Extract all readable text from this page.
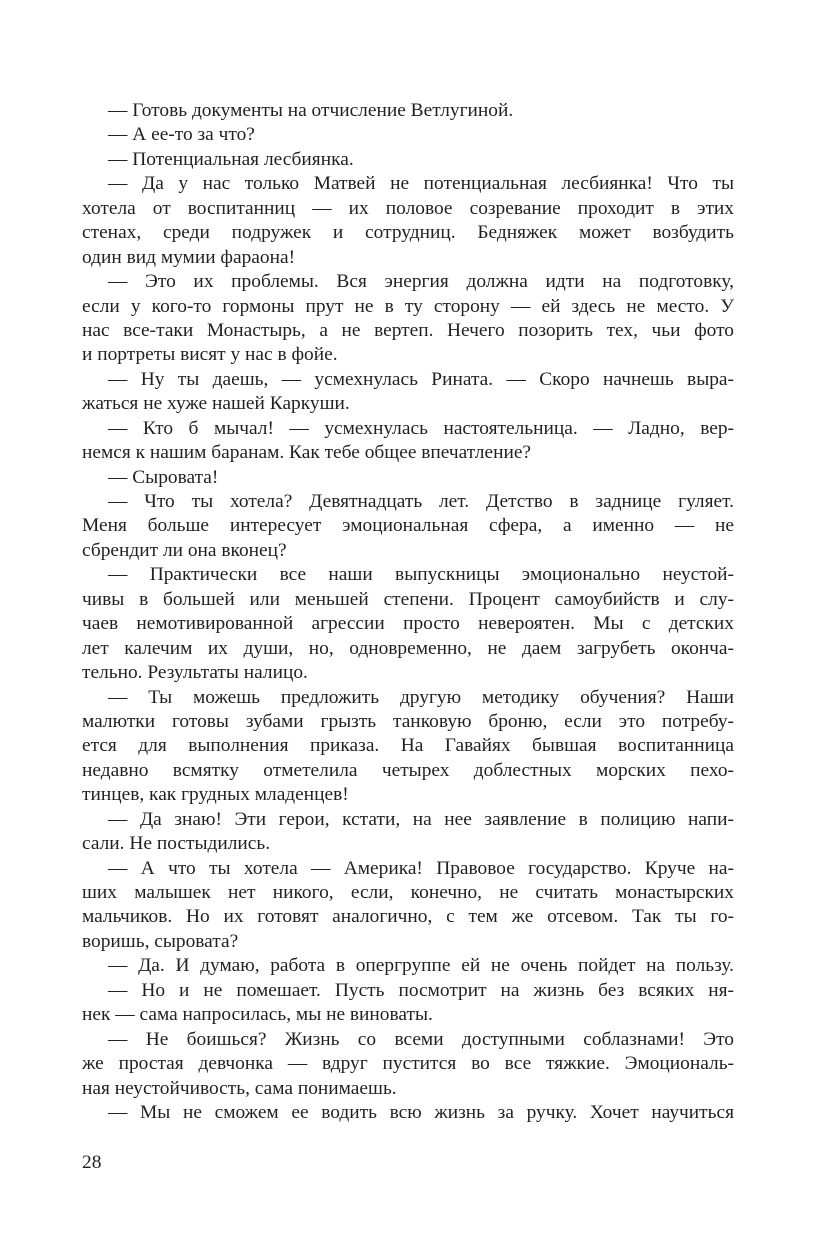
— Готовь документы на отчисление Ветлугиной.
— А ее-то за что?
— Потенциальная лесбиянка.
— Да у нас только Матвей не потенциальная лесбиянка! Что ты
хотела от воспитанниц — их половое созревание проходит в этих
стенах, среди подружек и сотрудниц. Бедняжек может возбудить
один вид мумии фараона!
— Это их проблемы. Вся энергия должна идти на подготовку,
если у кого-то гормоны прут не в ту сторону — ей здесь не место. У
нас все-таки Монастырь, а не вертеп. Нечего позорить тех, чьи фото
и портреты висят у нас в фойе.
— Ну ты даешь, — усмехнулась Рината. — Скоро начнешь выра-
жаться не хуже нашей Каркуши.
— Кто б мычал! — усмехнулась настоятельница. — Ладно, вер-
немся к нашим баранам. Как тебе общее впечатление?
— Сыровата!
— Что ты хотела? Девятнадцать лет. Детство в заднице гуляет.
Меня больше интересует эмоциональная сфера, а именно — не
сбрендит ли она вконец?
— Практически все наши выпускницы эмоционально неустой-
чивы в большей или меньшей степени. Процент самоубийств и слу-
чаев немотивированной агрессии просто невероятен. Мы с детских
лет калечим их души, но, одновременно, не даем загрубеть оконча-
тельно. Результаты налицо.
— Ты можешь предложить другую методику обучения? Наши
малютки готовы зубами грызть танковую броню, если это потребу-
ется для выполнения приказа. На Гавайях бывшая воспитанница
недавно всмятку отметелила четырех доблестных морских пехо-
тинцев, как грудных младенцев!
— Да знаю! Эти герои, кстати, на нее заявление в полицию напи-
сали. Не постыдились.
— А что ты хотела — Америка! Правовое государство. Круче на-
ших малышек нет никого, если, конечно, не считать монастырских
мальчиков. Но их готовят аналогично, с тем же отсевом. Так ты го-
воришь, сыровата?
— Да. И думаю, работа в опергруппе ей не очень пойдет на пользу.
— Но и не помешает. Пусть посмотрит на жизнь без всяких ня-
нек — сама напросилась, мы не виноваты.
— Не боишься? Жизнь со всеми доступными соблазнами! Это
же простая девчонка — вдруг пустится во все тяжкие. Эмоциональ-
ная неустойчивость, сама понимаешь.
— Мы не сможем ее водить всю жизнь за ручку. Хочет научиться
28
